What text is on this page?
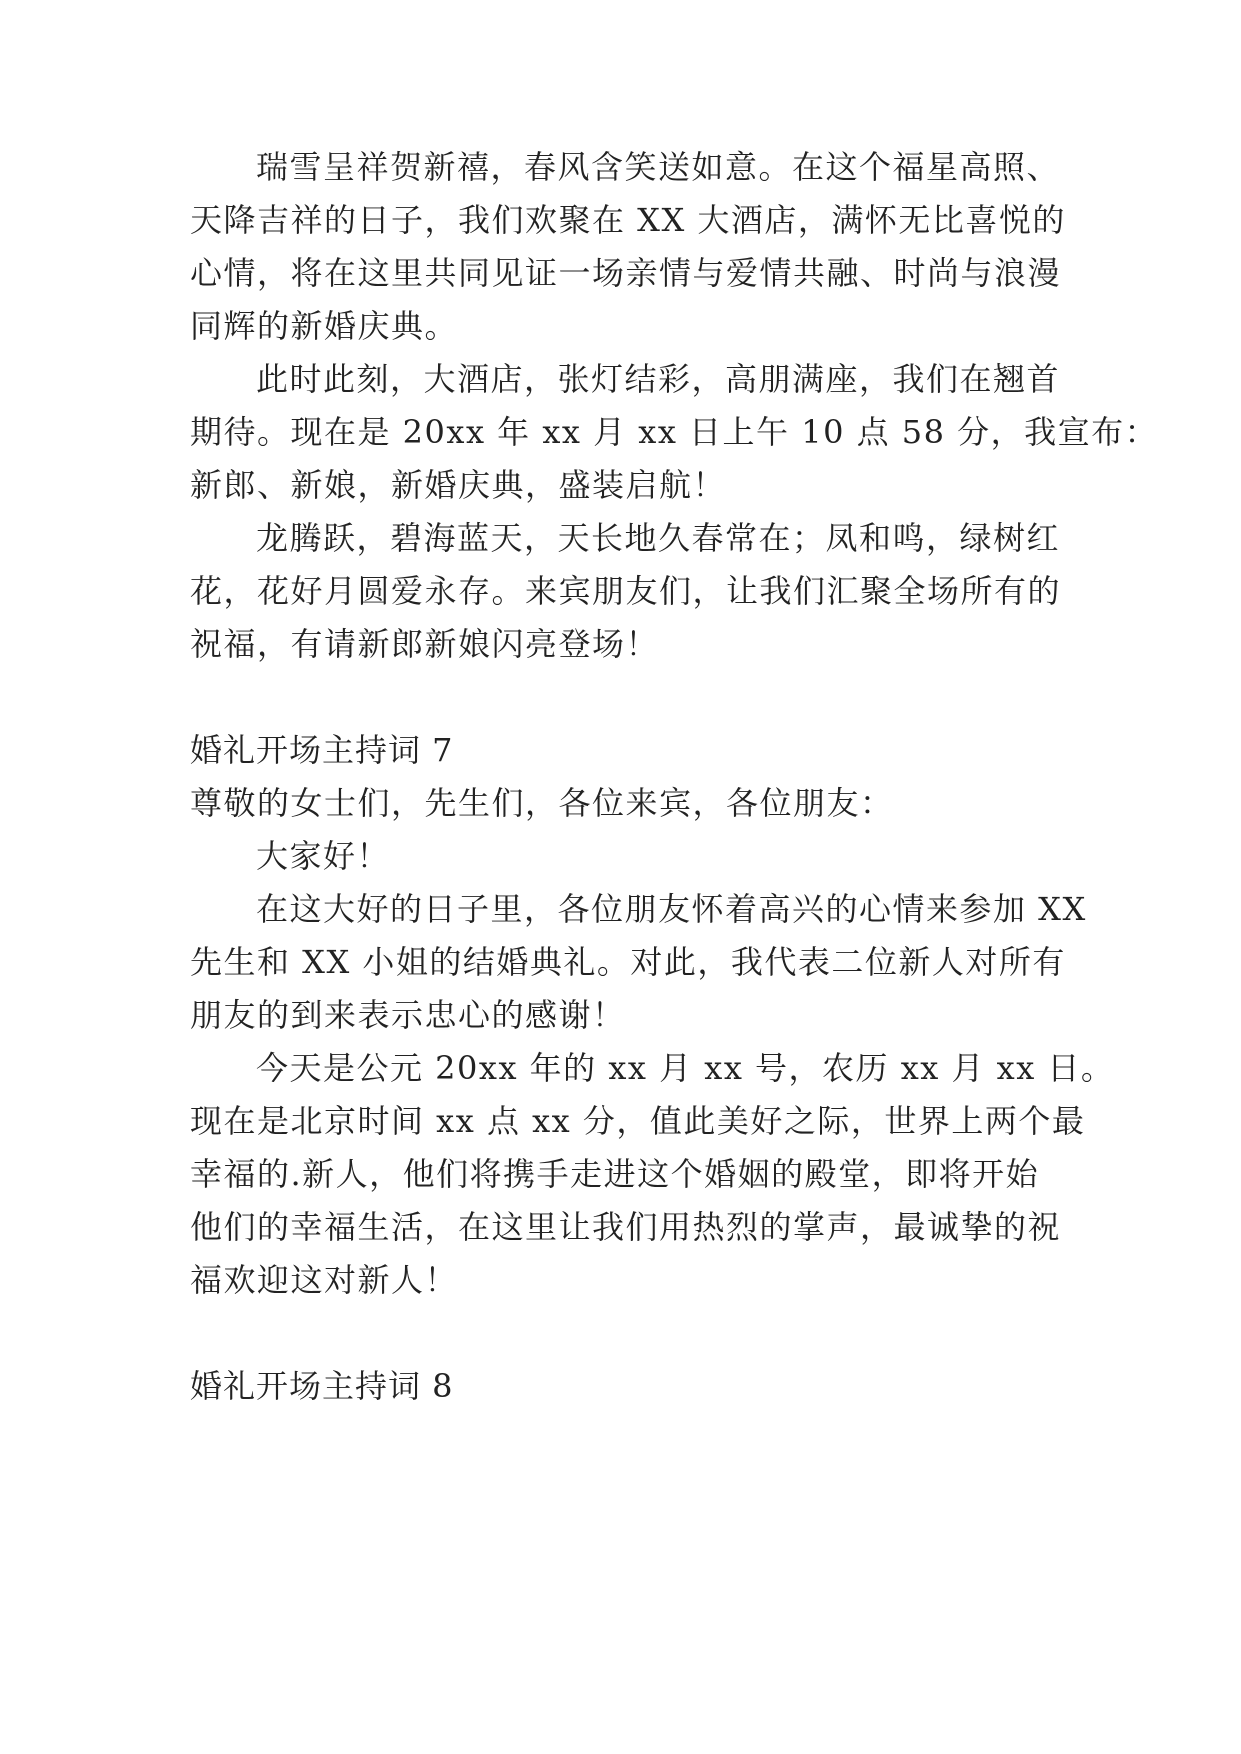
瑞雪呈祥贺新禧，春风含笑送如意。在这个福星高照、
天降吉祥的日子，我们欢聚在 XX 大酒店，满怀无比喜悦的
心情，将在这里共同见证一场亲情与爱情共融、时尚与浪漫
同辉的新婚庆典。
此时此刻，大酒店，张灯结彩，高朋满座，我们在翘首
期待。现在是 20xx 年 xx 月 xx 日上午 10 点 58 分，我宣布：
新郎、新娘，新婚庆典，盛装启航！
龙腾跃，碧海蓝天，天长地久春常在；凤和鸣，绿树红
花，花好月圆爱永存。来宾朋友们，让我们汇聚全场所有的
祝福，有请新郎新娘闪亮登场！
婚礼开场主持词 7
尊敬的女士们，先生们，各位来宾，各位朋友：
大家好！
在这大好的日子里，各位朋友怀着高兴的心情来参加 XX
先生和 XX 小姐的结婚典礼。对此，我代表二位新人对所有
朋友的到来表示忠心的感谢！
今天是公元 20xx 年的 xx 月 xx 号，农历 xx 月 xx 日。
现在是北京时间 xx 点 xx 分，值此美好之际，世界上两个最
幸福的.新人，他们将携手走进这个婚姻的殿堂，即将开始
他们的幸福生活，在这里让我们用热烈的掌声，最诚挚的祝
福欢迎这对新人！
婚礼开场主持词 8
